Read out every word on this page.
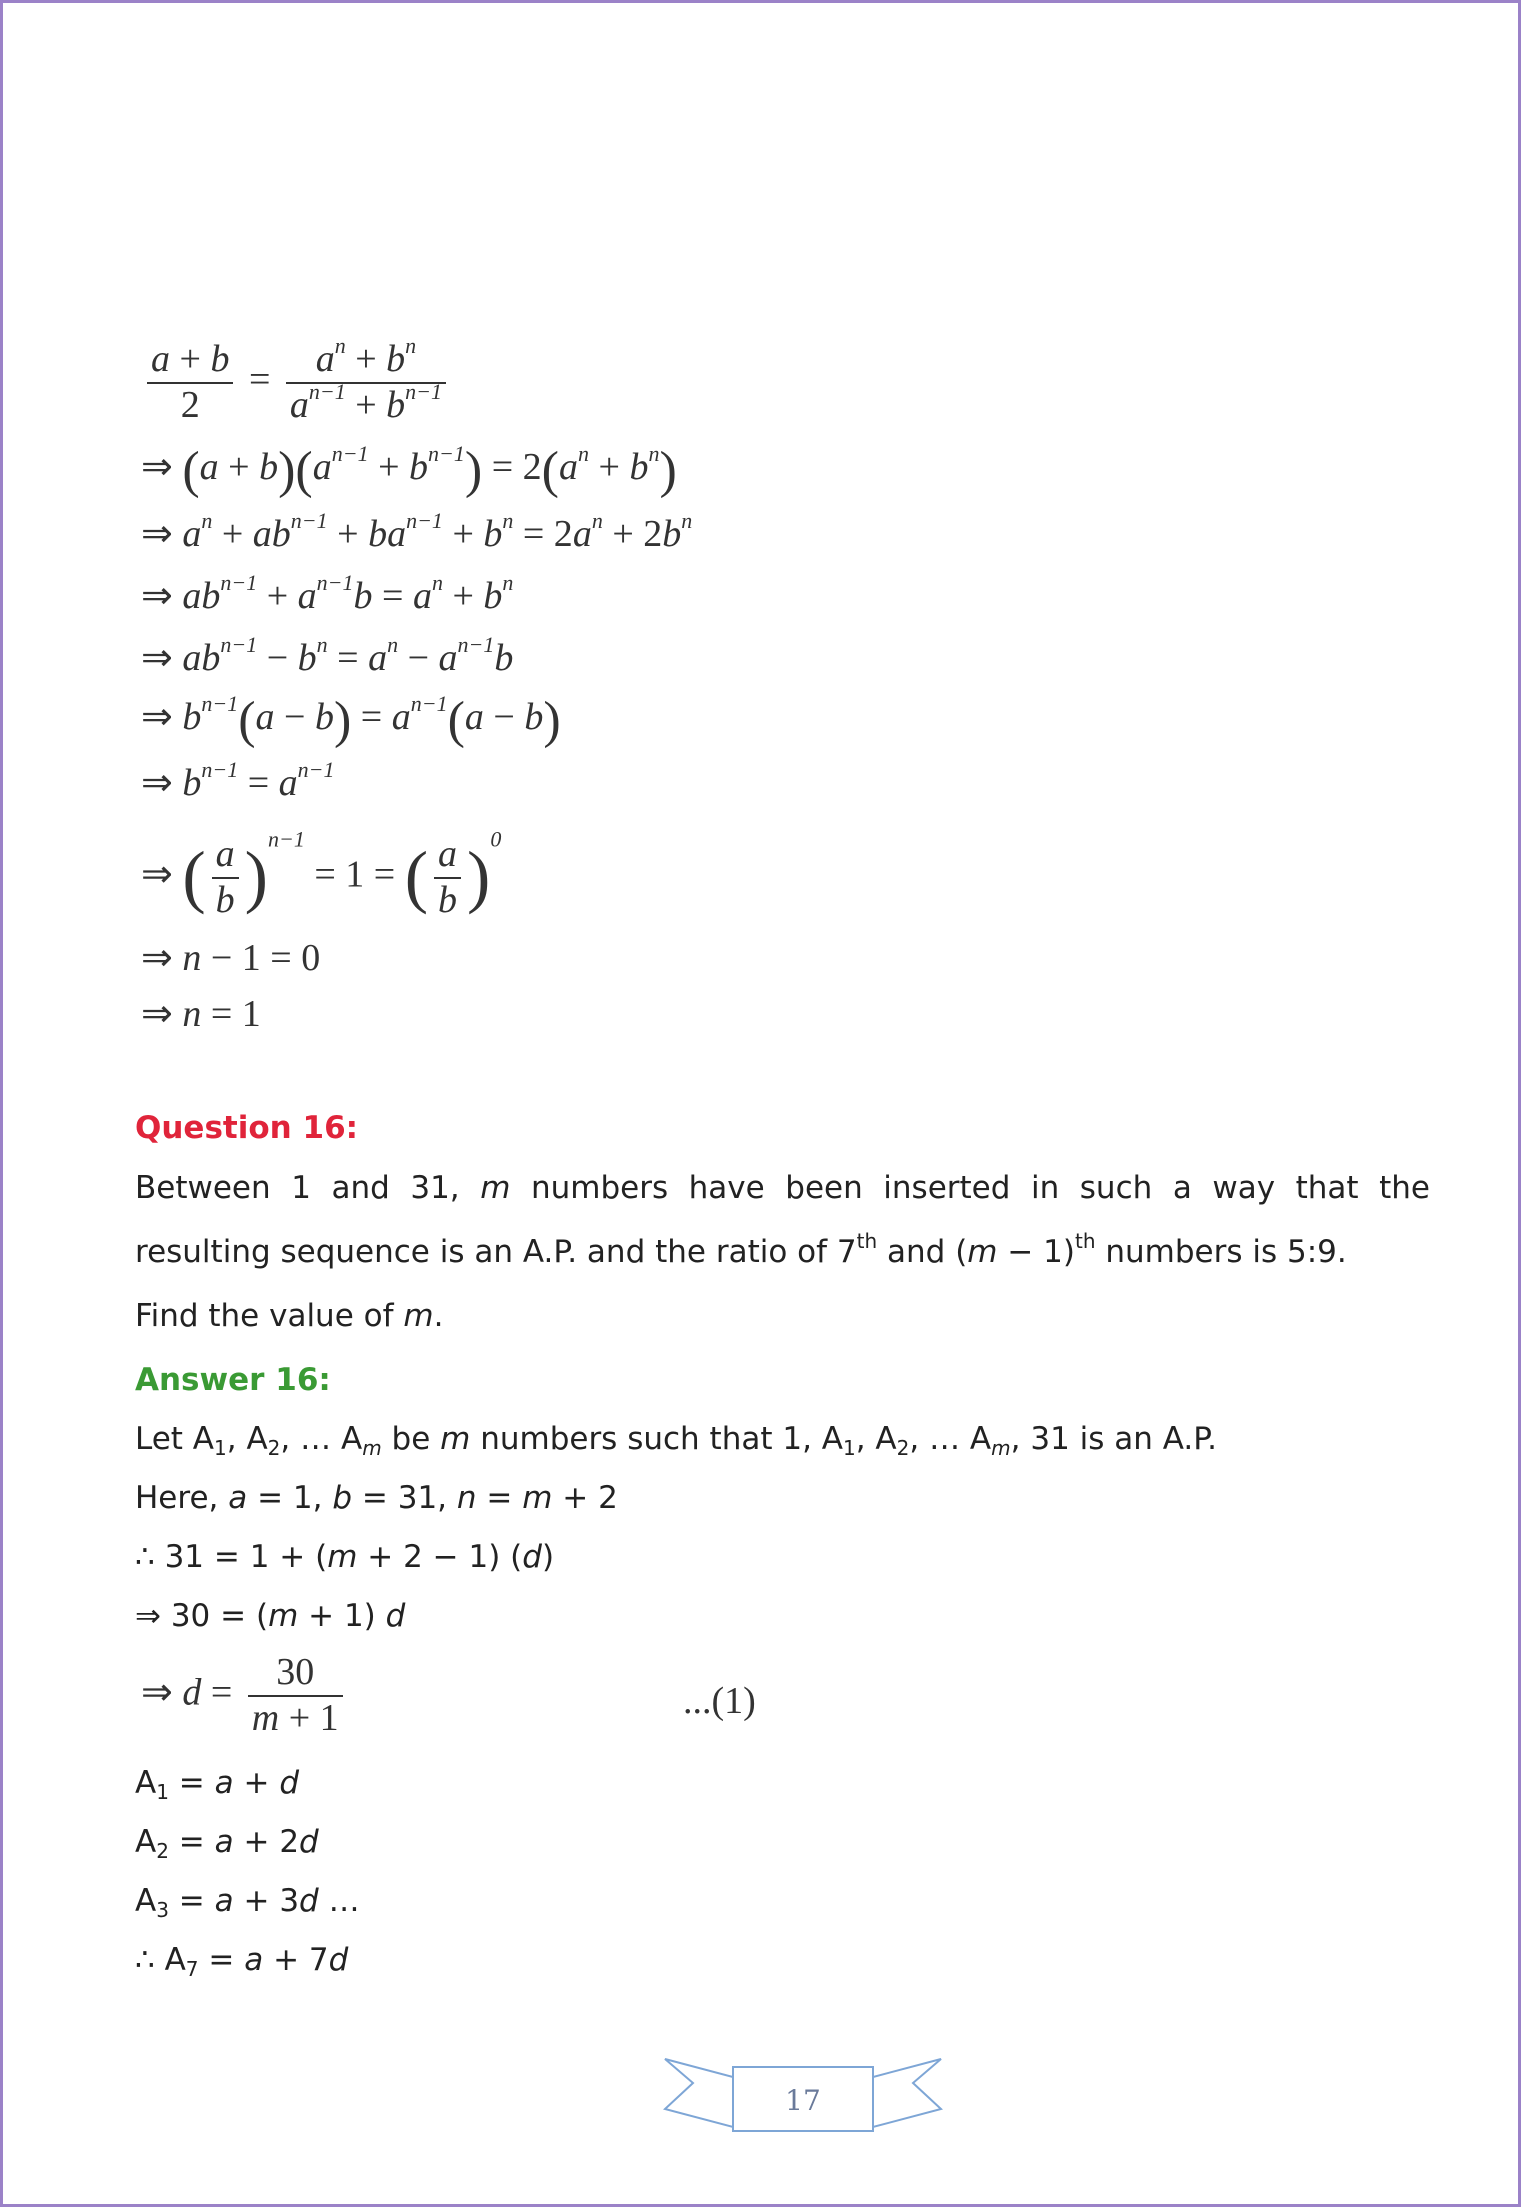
$\frac{a + b}{2} = \frac{a^n + b^n}{a^{n-1} + b^{n-1}}$
⇒ $(a + b)(a^{n-1} + b^{n-1}) = 2(a^n + b^n)$
⇒ $a^n + ab^{n-1} + ba^{n-1} + b^n = 2a^n + 2b^n$
⇒ $ab^{n-1} + a^{n-1}b = a^n + b^n$
⇒ $ab^{n-1} - b^n = a^n - a^{n-1}b$
⇒ $b^{n-1}(a - b) = a^{n-1}(a - b)$
⇒ $b^{n-1} = a^{n-1}$
⇒ ( $\frac{a}{b} )^{n-1} = 1$ = ( $\frac{a}{b} )^0$
⇒ n − 1 = 0
⇒ n = 1
Question 16:
Between 1 and 31, m numbers have been inserted in such a way that the
resulting sequence is an A.P. and the ratio of 7th and $(m - 1)^{th}$ numbers is 5:9.
Find the value of m.
Answer 16:
Let $A_1$, $A_2$, … $A_m$ be m numbers such that 1, $A_1$, $A_2$, … $A_m$, 31 is an A.P.
Here, a = 1, b = 31, n = m + 2
∴ 31 = 1 + (m + 2 − 1) (d)
⇒ 30 = (m + 1) d
⇒ $d = \frac{30}{m + 1}$	...(1)
$A_1 = a + d$
$A_2 = a + 2d$
$A_3 = a + 3d$ …
∴ $A_7 = a + 7d$
17
